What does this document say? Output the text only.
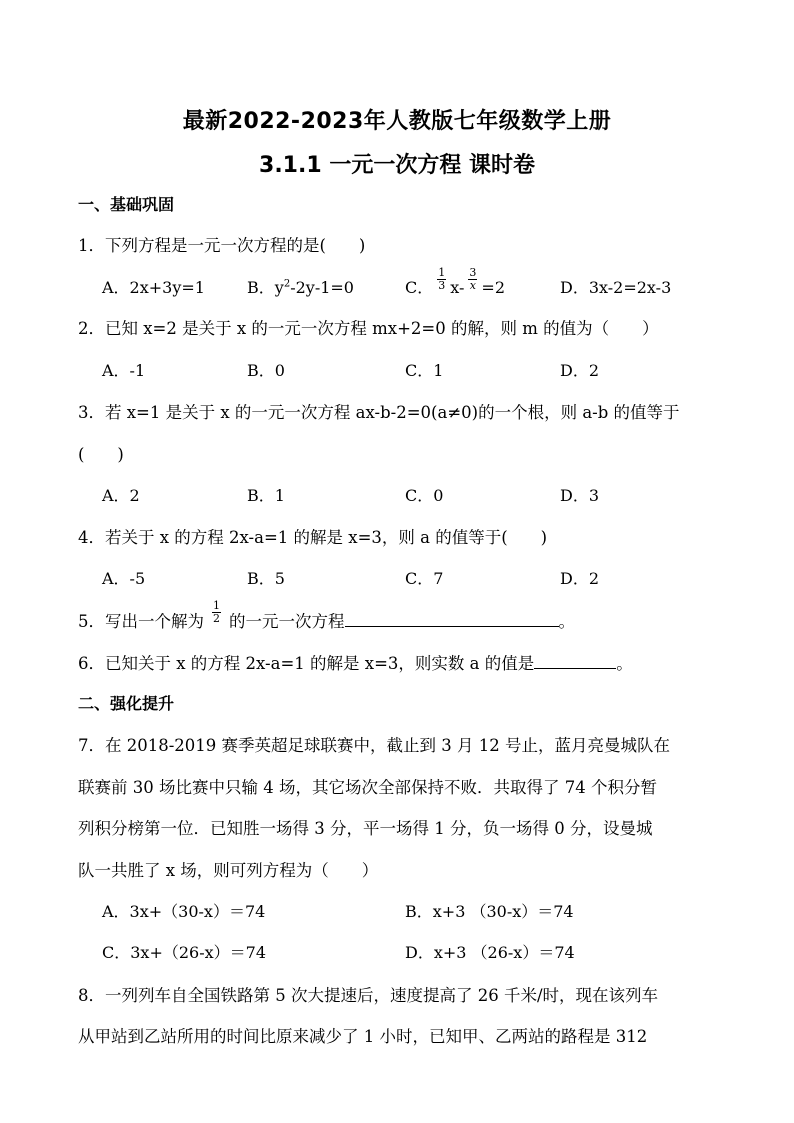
最新2022-2023年人教版七年级数学上册
3.1.1 一元一次方程 课时卷
一、基础巩固
1．下列方程是一元一次方程的是(　　)
A．2x+3y=1	B．$y^2-2y-1=0$	C． $\frac{1}{3} x- \frac{3}{x} =2$	D．3x-2=2x-3
2．已知 x=2 是关于 x 的一元一次方程 mx+2=0 的解，则 m 的值为（　　）
A．-1	B．0	C．1	D．2
3．若 x=1 是关于 x 的一元一次方程 ax-b-2=0(a≠0)的一个根，则 a-b 的值等于
(　　)
A．2	B．1	C．0	D．3
4．若关于 x 的方程 2x-a=1 的解是 x=3，则 a 的值等于(　　)
A．-5	B．5	C．7	D．2
5．写出一个解为 $\frac{1}{2}$ 的一元一次方程	。
6．已知关于 x 的方程 2x-a=1 的解是 x=3，则实数 a 的值是	。
二、强化提升
7．在 2018-2019 赛季英超足球联赛中，截止到 3 月 12 号止，蓝月亮曼城队在
联赛前 30 场比赛中只输 4 场，其它场次全部保持不败．共取得了 74 个积分暂
列积分榜第一位．已知胜一场得 3 分，平一场得 1 分，负一场得 0 分，设曼城
队一共胜了 x 场，则可列方程为（　　）
A．3x+（30-x）＝74	B．x+3 （30-x）＝74
C．3x+（26-x）＝74	D．x+3 （26-x）＝74
8．一列列车自全国铁路第 5 次大提速后，速度提高了 26 千米/时，现在该列车
从甲站到乙站所用的时间比原来减少了 1 小时，已知甲、乙两站的路程是 312
